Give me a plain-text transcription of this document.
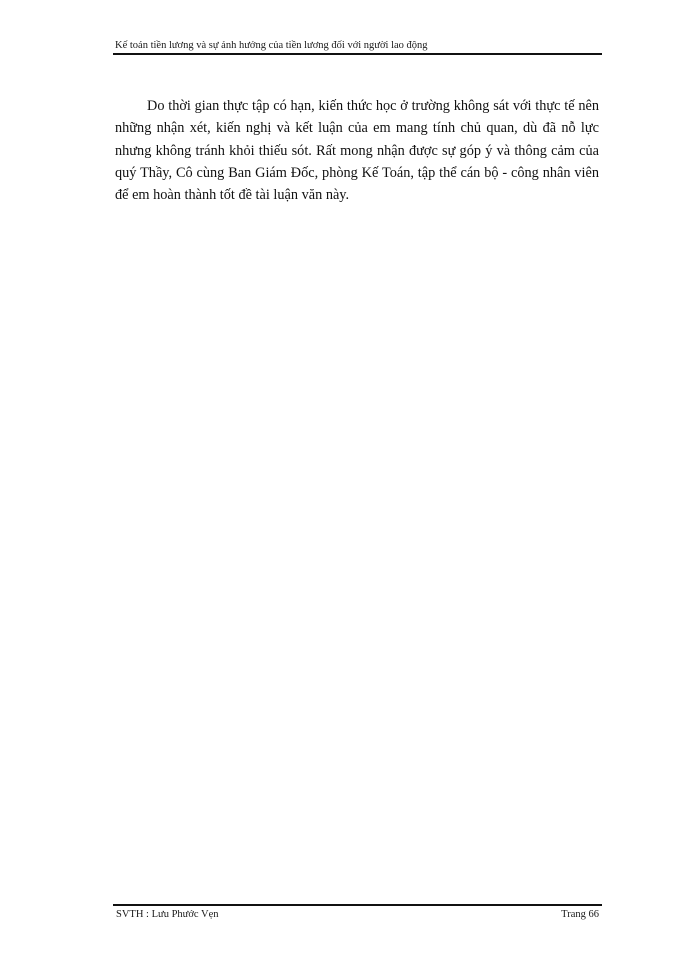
Kế toán tiền lương và sự ảnh hưởng của tiền lương đối với người lao động

Do thời gian thực tập có hạn, kiến thức học ở trường không sát với thực tế nên những nhận xét, kiến nghị và kết luận của em mang tính chủ quan, dù đã nỗ lực nhưng không tránh khỏi thiếu sót. Rất mong nhận được sự góp ý và thông cảm của quý Thầy, Cô cùng Ban Giám Đốc, phòng Kế Toán, tập thể cán bộ - công nhân viên để em hoàn thành tốt đề tài luận văn này.

SVTH : Lưu Phước Vẹn	Trang 66
